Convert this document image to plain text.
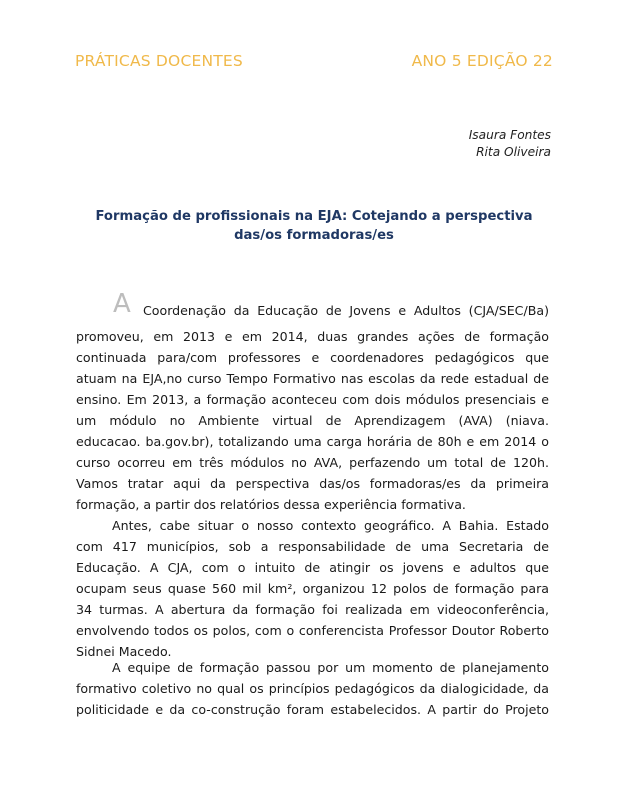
PRÁTICAS DOCENTES	ANO 5 EDIÇÃO 22
Isaura Fontes
Rita Oliveira
Formação de profissionais na EJA: Cotejando a perspectiva
das/os formadoras/es
A Coordenação da Educação de Jovens e Adultos (CJA/SEC/Ba)
promoveu, em 2013 e em 2014, duas grandes ações de formação
continuada para/com professores e coordenadores pedagógicos que
atuam na EJA,no curso Tempo Formativo nas escolas da rede estadual de
ensino. Em 2013, a formação aconteceu com dois módulos presenciais e
um módulo no Ambiente virtual de Aprendizagem (AVA) (niava.
educacao. ba.gov.br), totalizando uma carga horária de 80h e em 2014 o
curso ocorreu em três módulos no AVA, perfazendo um total de 120h.
Vamos tratar aqui da perspectiva das/os formadoras/es da primeira
formação, a partir dos relatórios dessa experiência formativa.
Antes, cabe situar o nosso contexto geográfico. A Bahia. Estado
com 417 municípios, sob a responsabilidade de uma Secretaria de
Educação. A CJA, com o intuito de atingir os jovens e adultos que
ocupam seus quase 560 mil km², organizou 12 polos de formação para
34 turmas. A abertura da formação foi realizada em videoconferência,
envolvendo todos os polos, com o conferencista Professor Doutor Roberto
Sidnei Macedo.
A equipe de formação passou por um momento de planejamento
formativo coletivo no qual os princípios pedagógicos da dialogicidade, da
politicidade e da co-construção foram estabelecidos. A partir do Projeto
